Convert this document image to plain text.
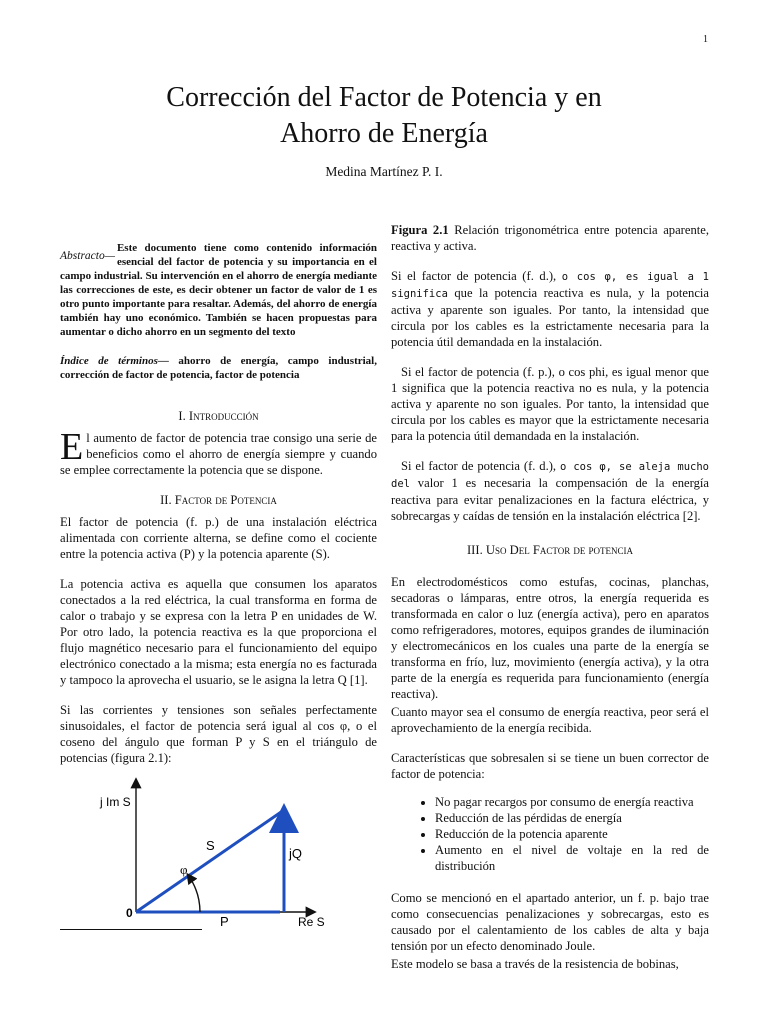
1
Corrección del Factor de Potencia y en
Ahorro de Energía
Medina Martínez P. I.
Abstracto—
Este documento tiene como contenido información esencial del factor de potencia y su importancia en el campo industrial. Su intervención en el ahorro de energía mediante las correcciones de este, es decir obtener un factor de valor de 1 es otro punto importante para resaltar. Además, del ahorro de energía también hay uno económico. También se hacen propuestas para aumentar o dicho ahorro en un segmento del texto
Índice de términos— ahorro de energía, campo industrial, corrección de factor de potencia, factor de potencia
I. Introducción

El aumento de factor de potencia trae consigo una serie de beneficios como el ahorro de energía siempre y cuando se emplee correctamente la potencia que se dispone.

II. Factor de Potencia

El factor de potencia (f. p.) de una instalación eléctrica alimentada con corriente alterna, se define como el cociente entre la potencia activa (P) y la potencia aparente (S).

La potencia activa es aquella que consumen los aparatos conectados a la red eléctrica, la cual transforma en forma de calor o trabajo y se expresa con la letra P en unidades de W. Por otro lado, la potencia reactiva es la que proporciona el flujo magnético necesario para el funcionamiento del equipo electrónico conectado a la misma; esta energía no es facturada y tampoco la aprovecha el usuario, se le asigna la letra Q [1].

Si las corrientes y tensiones son señales perfectamente sinusoidales, el factor de potencia será igual al cos φ, o el coseno del ángulo que forman P y S en el triángulo de potencias (figura 2.1):

j Im S
S
jQ
φ
0
P	Re S

Figura 2.1 Relación trigonométrica entre potencia aparente, reactiva y activa.

Si el factor de potencia (f. d.), o cos φ, es igual a 1 significa que la potencia reactiva es nula, y la potencia activa y aparente son iguales. Por tanto, la intensidad que circula por los cables es la estrictamente necesaria para la potencia útil demandada en la instalación.

Si el factor de potencia (f. p.), o cos phi, es igual menor que 1 significa que la potencia reactiva no es nula, y la potencia activa y aparente no son iguales. Por tanto, la intensidad que circula por los cables es mayor que la estrictamente necesaria para la potencia útil demandada en la instalación.

Si el factor de potencia (f. d.), o cos φ, se aleja mucho del valor 1 es necesaria la compensación de la energía reactiva para evitar penalizaciones en la factura eléctrica, y sobrecargas y caídas de tensión en la instalación eléctrica [2].

III. Uso Del Factor de potencia

En electrodomésticos como estufas, cocinas, planchas, secadoras o lámparas, entre otros, la energía requerida es transformada en calor o luz (energía activa), pero en aparatos como refrigeradores, motores, equipos grandes de iluminación y electromecánicos en los cuales una parte de la energía se transforma en frío, luz, movimiento (energía activa), y la otra parte de la energía es requerida para funcionamiento (energía reactiva).

Cuanto mayor sea el consumo de energía reactiva, peor será el aprovechamiento de la energía recibida.

Características que sobresalen si se tiene un buen corrector de factor de potencia:

• No pagar recargos por consumo de energía reactiva
• Reducción de las pérdidas de energía
• Reducción de la potencia aparente
• Aumento en el nivel de voltaje en la red de distribución

Como se mencionó en el apartado anterior, un f. p. bajo trae como consecuencias penalizaciones y sobrecargas, esto es causado por el calentamiento de los cables de alta y baja tensión por un efecto denominado Joule.

Este modelo se basa a través de la resistencia de bobinas,
